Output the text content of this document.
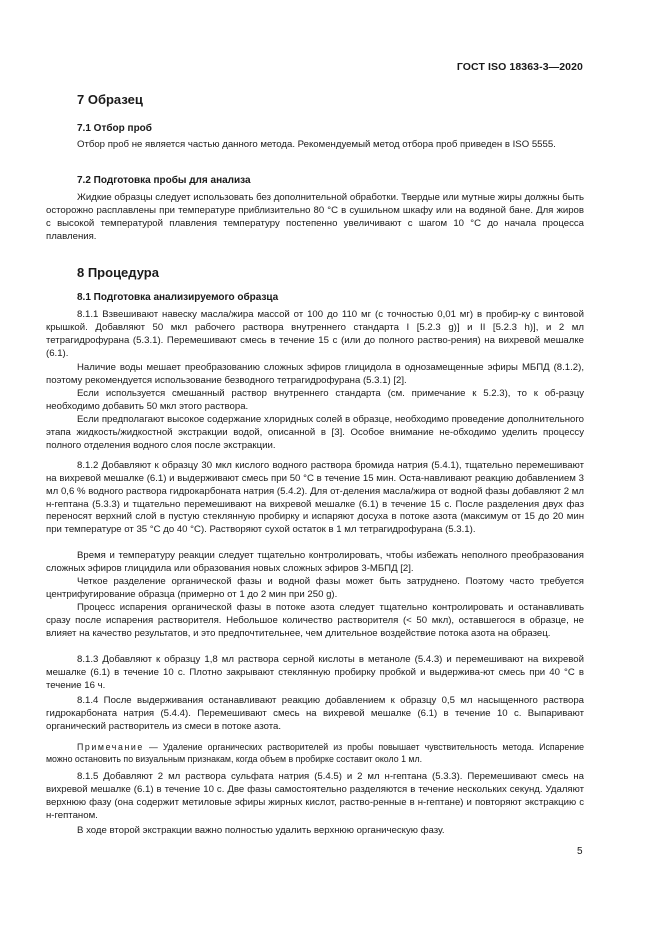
ГОСТ ISO 18363-3—2020
7 Образец
7.1 Отбор проб
Отбор проб не является частью данного метода. Рекомендуемый метод отбора проб приведен в ISO 5555.
7.2 Подготовка пробы для анализа
Жидкие образцы следует использовать без дополнительной обработки. Твердые или мутные жиры должны быть осторожно расплавлены при температуре приблизительно 80 °C в сушильном шкафу или на водяной бане. Для жиров с высокой температурой плавления температуру постепенно увеличивают с шагом 10 °C до начала процесса плавления.
8 Процедура
8.1 Подготовка анализируемого образца
8.1.1 Взвешивают навеску масла/жира массой от 100 до 110 мг (с точностью 0,01 мг) в пробир-ку с винтовой крышкой. Добавляют 50 мкл рабочего раствора внутреннего стандарта I [5.2.3 g)] и II [5.2.3 h)], и 2 мл тетрагидрофурана (5.3.1). Перемешивают смесь в течение 15 с (или до полного раство-рения) на вихревой мешалке (6.1).
Наличие воды мешает преобразованию сложных эфиров глицидола в однозамещенные эфиры МБПД (8.1.2), поэтому рекомендуется использование безводного тетрагидрофурана (5.3.1) [2].
Если используется смешанный раствор внутреннего стандарта (см. примечание к 5.2.3), то к об-разцу необходимо добавить 50 мкл этого раствора.
Если предполагают высокое содержание хлоридных солей в образце, необходимо проведение дополнительного этапа жидкость/жидкостной экстракции водой, описанной в [3]. Особое внимание не-обходимо уделить процессу полного отделения водного слоя после экстракции.
8.1.2 Добавляют к образцу 30 мкл кислого водного раствора бромида натрия (5.4.1), тщательно перемешивают на вихревой мешалке (6.1) и выдерживают смесь при 50 °C в течение 15 мин. Оста-навливают реакцию добавлением 3 мл 0,6 % водного раствора гидрокарбоната натрия (5.4.2). Для от-деления масла/жира от водной фазы добавляют 2 мл н-гептана (5.3.3) и тщательно перемешивают на вихревой мешалке (6.1) в течение 15 с. После разделения двух фаз переносят верхний слой в пустую стеклянную пробирку и испаряют досуха в потоке азота (максимум от 15 до 20 мин при температуре от 35 °C до 40 °C). Растворяют сухой остаток в 1 мл тетрагидрофурана (5.3.1).
Время и температуру реакции следует тщательно контролировать, чтобы избежать неполного преобразования сложных эфиров глицидила или образования новых сложных эфиров 3-МБПД [2].
Четкое разделение органической фазы и водной фазы может быть затруднено. Поэтому часто требуется центрифугирование образца (примерно от 1 до 2 мин при 250 g).
Процесс испарения органической фазы в потоке азота следует тщательно контролировать и останавливать сразу после испарения растворителя. Небольшое количество растворителя (< 50 мкл), оставшегося в образце, не влияет на качество результатов, и это предпочтительнее, чем длительное воздействие потока азота на образец.
8.1.3 Добавляют к образцу 1,8 мл раствора серной кислоты в метаноле (5.4.3) и перемешивают на вихревой мешалке (6.1) в течение 10 с. Плотно закрывают стеклянную пробирку пробкой и выдержива-ют смесь при 40 °C в течение 16 ч.
8.1.4 После выдерживания останавливают реакцию добавлением к образцу 0,5 мл насыщенного раствора гидрокарбоната натрия (5.4.4). Перемешивают смесь на вихревой мешалке (6.1) в течение 10 с. Выпаривают органический растворитель из смеси в потоке азота.
Примечание — Удаление органических растворителей из пробы повышает чувствительность метода. Испарение можно остановить по визуальным признакам, когда объем в пробирке составит около 1 мл.
8.1.5 Добавляют 2 мл раствора сульфата натрия (5.4.5) и 2 мл н-гептана (5.3.3). Перемешивают смесь на вихревой мешалке (6.1) в течение 10 с. Две фазы самостоятельно разделяются в течение нескольких секунд. Удаляют верхнюю фазу (она содержит метиловые эфиры жирных кислот, раство-ренные в н-гептане) и повторяют экстракцию с н-гептаном.
В ходе второй экстракции важно полностью удалить верхнюю органическую фазу.
5
